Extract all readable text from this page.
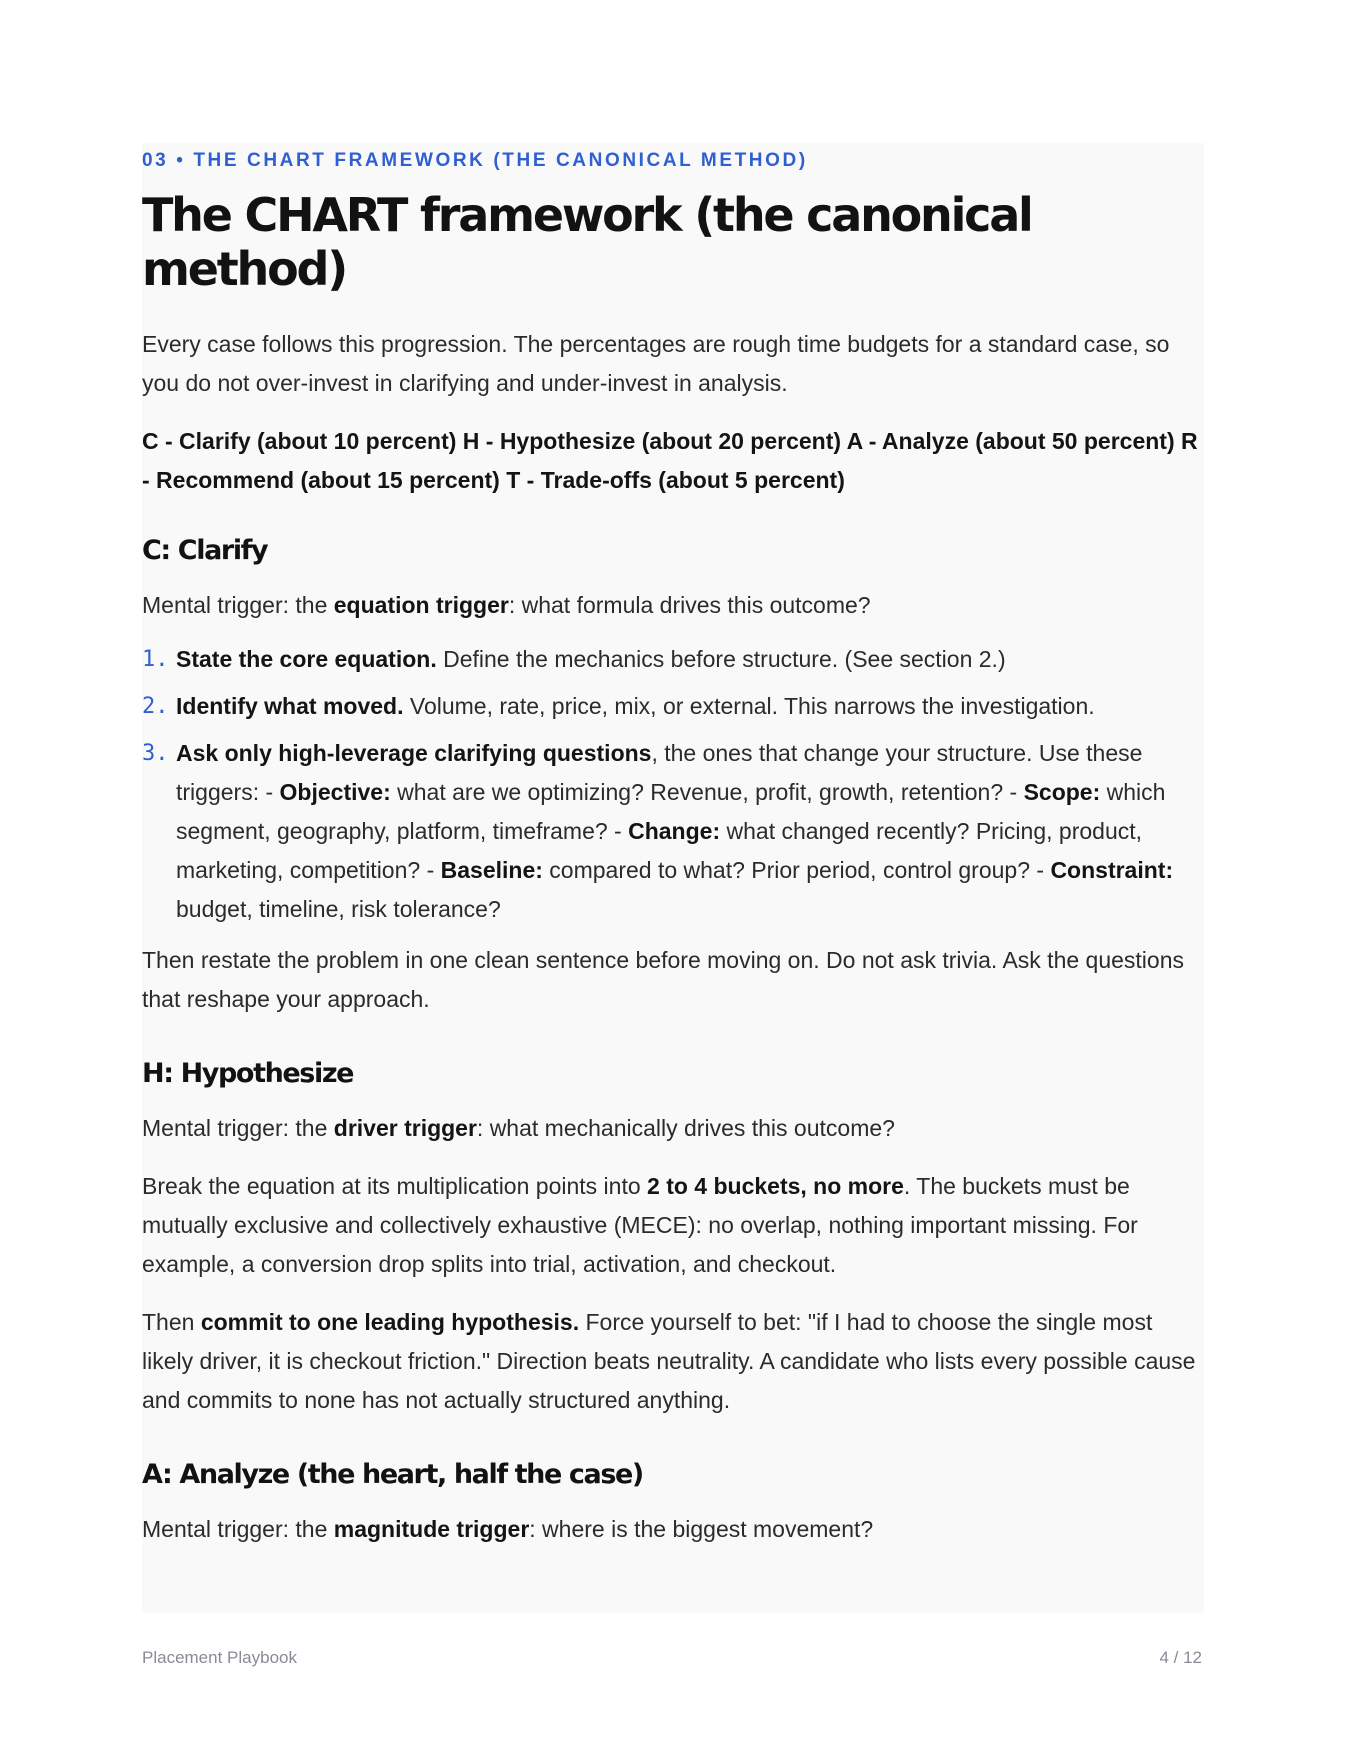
03 • THE CHART FRAMEWORK (THE CANONICAL METHOD)
The CHART framework (the canonical method)

Every case follows this progression. The percentages are rough time budgets for a standard case, so you do not over-invest in clarifying and under-invest in analysis.

C - Clarify (about 10 percent) H - Hypothesize (about 20 percent) A - Analyze (about 50 percent) R - Recommend (about 15 percent) T - Trade-offs (about 5 percent)

C: Clarify

Mental trigger: the equation trigger: what formula drives this outcome?

1. State the core equation. Define the mechanics before structure. (See section 2.)
2. Identify what moved. Volume, rate, price, mix, or external. This narrows the investigation.
3. Ask only high-leverage clarifying questions, the ones that change your structure. Use these triggers: - Objective: what are we optimizing? Revenue, profit, growth, retention? - Scope: which segment, geography, platform, timeframe? - Change: what changed recently? Pricing, product, marketing, competition? - Baseline: compared to what? Prior period, control group? - Constraint: budget, timeline, risk tolerance?

Then restate the problem in one clean sentence before moving on. Do not ask trivia. Ask the questions that reshape your approach.

H: Hypothesize

Mental trigger: the driver trigger: what mechanically drives this outcome?

Break the equation at its multiplication points into 2 to 4 buckets, no more. The buckets must be mutually exclusive and collectively exhaustive (MECE): no overlap, nothing important missing. For example, a conversion drop splits into trial, activation, and checkout.

Then commit to one leading hypothesis. Force yourself to bet: "if I had to choose the single most likely driver, it is checkout friction." Direction beats neutrality. A candidate who lists every possible cause and commits to none has not actually structured anything.

A: Analyze (the heart, half the case)

Mental trigger: the magnitude trigger: where is the biggest movement?

Placement Playbook	4 / 12
